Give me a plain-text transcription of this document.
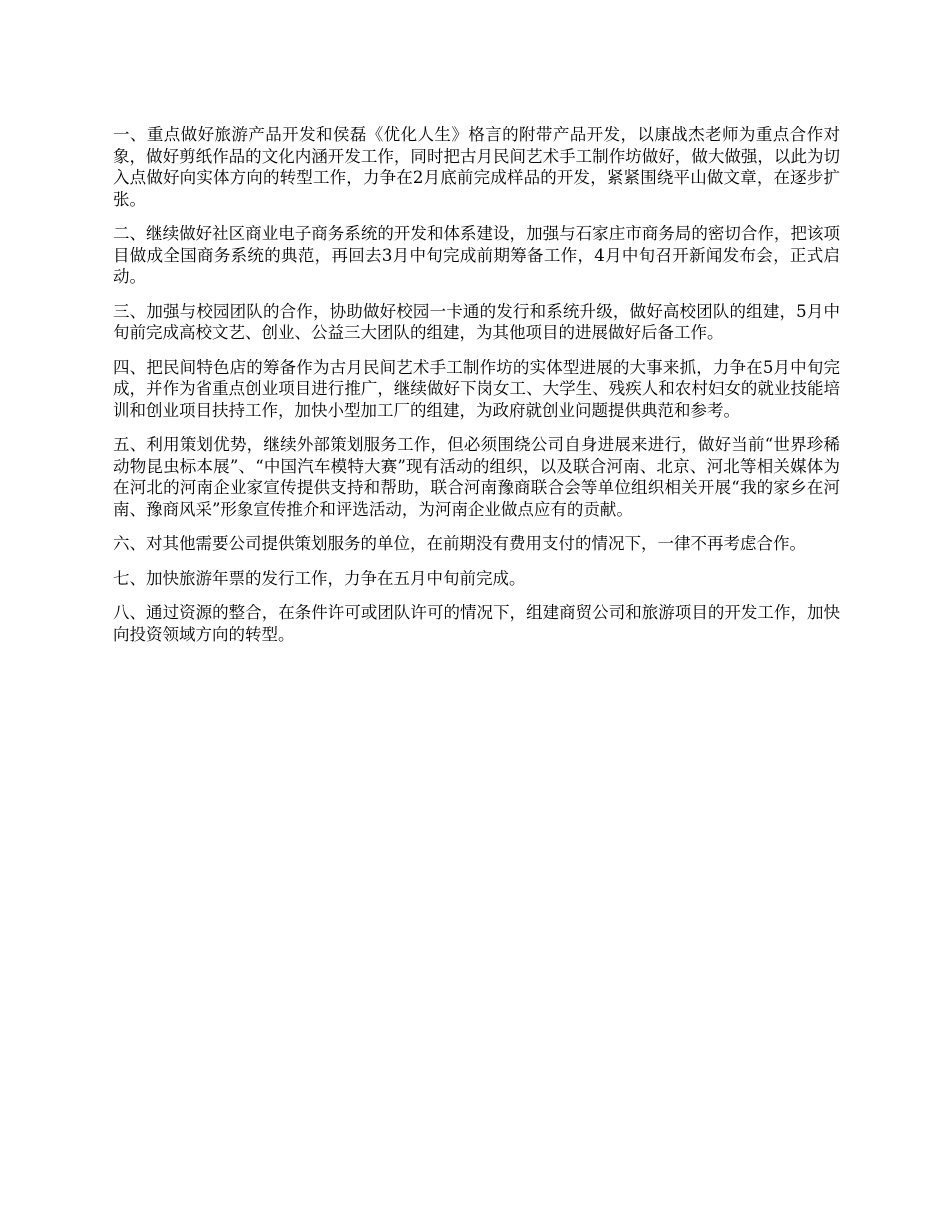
一、重点做好旅游产品开发和侯磊《优化人生》格言的附带产品开发，以康战杰老师为重点合作对象，做好剪纸作品的文化内涵开发工作，同时把古月民间艺术手工制作坊做好，做大做强，以此为切入点做好向实体方向的转型工作，力争在2月底前完成样品的开发，紧紧围绕平山做文章，在逐步扩张。

二、继续做好社区商业电子商务系统的开发和体系建设，加强与石家庄市商务局的密切合作，把该项目做成全国商务系统的典范，再回去3月中旬完成前期筹备工作，4月中旬召开新闻发布会，正式启动。

三、加强与校园团队的合作，协助做好校园一卡通的发行和系统升级，做好高校团队的组建，5月中旬前完成高校文艺、创业、公益三大团队的组建，为其他项目的进展做好后备工作。

四、把民间特色店的筹备作为古月民间艺术手工制作坊的实体型进展的大事来抓，力争在5月中旬完成，并作为省重点创业项目进行推广，继续做好下岗女工、大学生、残疾人和农村妇女的就业技能培训和创业项目扶持工作，加快小型加工厂的组建，为政府就创业问题提供典范和参考。

五、利用策划优势，继续外部策划服务工作，但必须围绕公司自身进展来进行，做好当前“世界珍稀动物昆虫标本展”、“中国汽车模特大赛”现有活动的组织，以及联合河南、北京、河北等相关媒体为在河北的河南企业家宣传提供支持和帮助，联合河南豫商联合会等单位组织相关开展“我的家乡在河南、豫商风采”形象宣传推介和评选活动，为河南企业做点应有的贡献。

六、对其他需要公司提供策划服务的单位，在前期没有费用支付的情况下，一律不再考虑合作。

七、加快旅游年票的发行工作，力争在五月中旬前完成。

八、通过资源的整合，在条件许可或团队许可的情况下，组建商贸公司和旅游项目的开发工作，加快向投资领域方向的转型。
